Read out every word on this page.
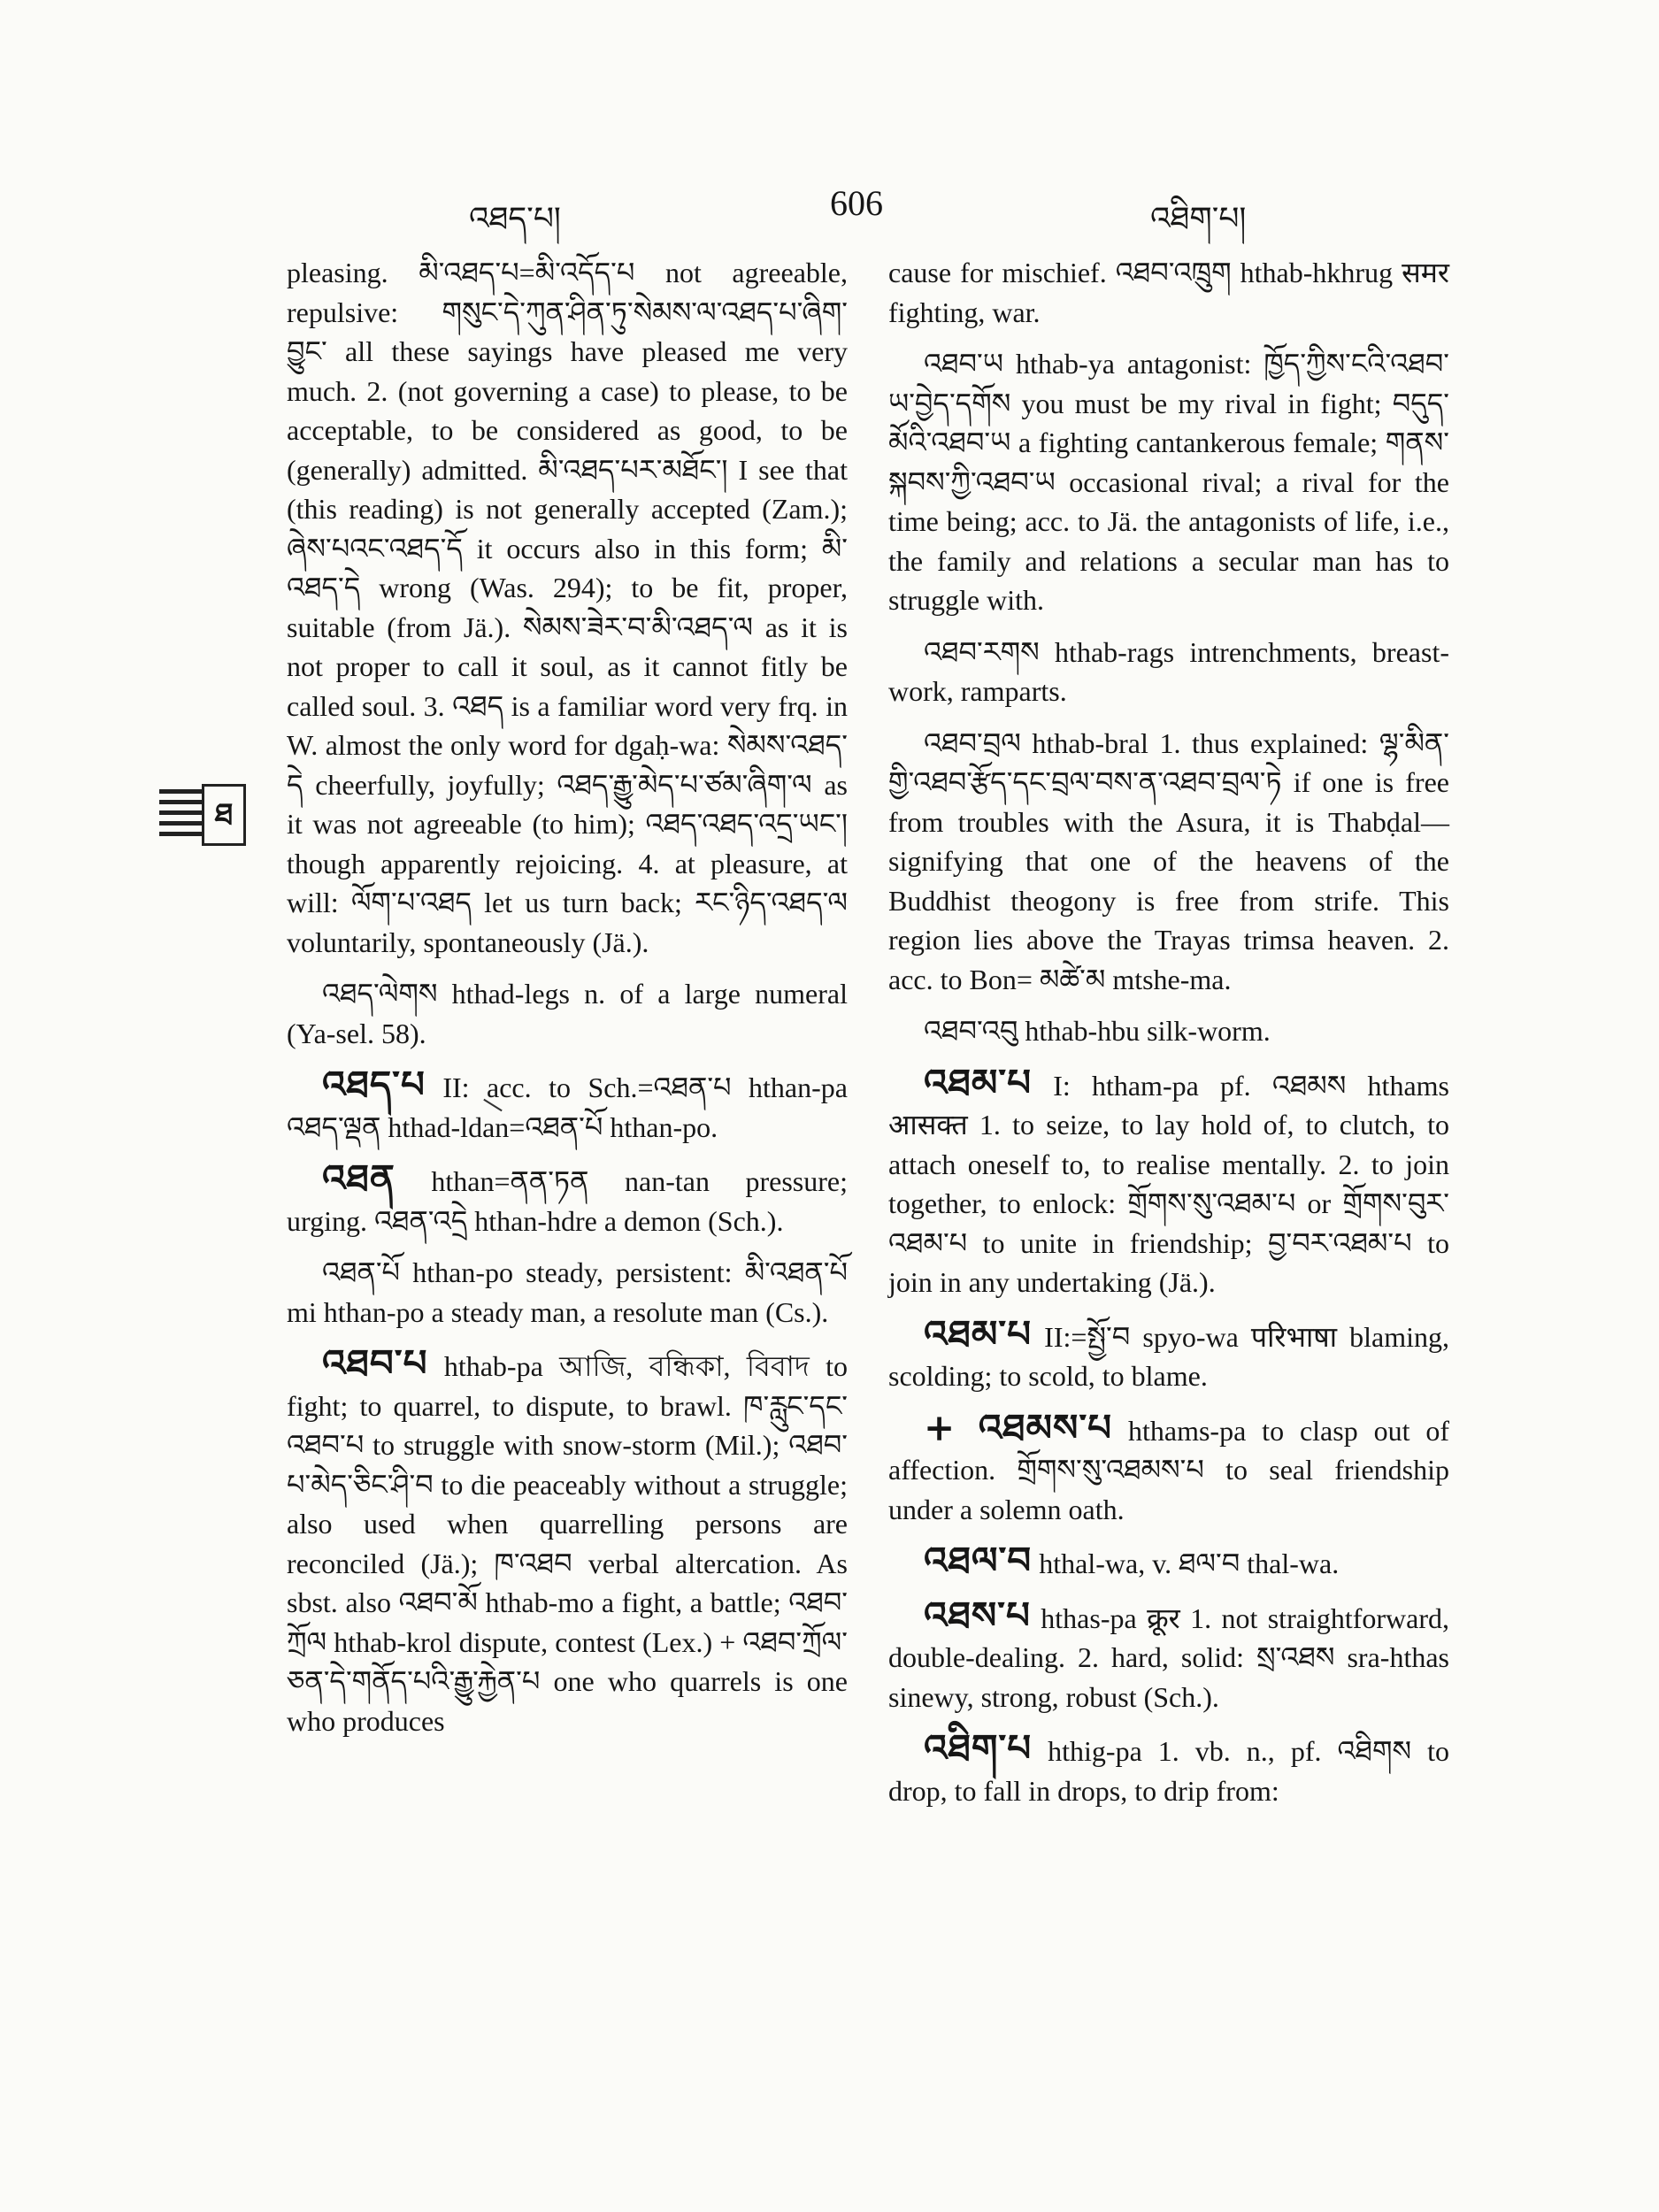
འཐད་པ།	606	འཐིག་པ།
ཐ

pleasing. མི་འཐད་པ=མི་འདོད་པ not agreeable, repulsive: གསུང་དེ་ཀུན་ཤིན་ཏུ་སེམས་ལ་འཐད་པ་ཞིག་བྱུང་ all these sayings have pleased me very much. 2. (not governing a case) to please, to be acceptable, to be considered as good, to be (generally) admitted. མི་འཐད་པར་མཐོང་། I see that (this reading) is not generally accepted (Zam.); ཞེས་པའང་འཐད་དོ it occurs also in this form; མི་འཐད་དེ wrong (Was. 294); to be fit, proper, suitable (from Jä.). སེམས་ཟེར་བ་མི་འཐད་ལ as it is not proper to call it soul, as it cannot fitly be called soul. 3. འཐད is a familiar word very frq. in W. almost the only word for dgaḥ-wa: སེམས་འཐད་དེ cheerfully, joyfully; འཐད་རྒྱུ་མེད་པ་ཙམ་ཞིག་ལ as it was not agreeable (to him); འཐད་འཐད་འདྲ་ཡང་། though apparently rejoicing. 4. at pleasure, at will: ལོག་པ་འཐད let us turn back; རང་ཉིད་འཐད་ལ voluntarily, spontaneously (Jä.).

འཐད་ལེགས hthad-legs n. of a large numeral (Ya-sel. 58).

འཐད་པ II: acc. to Sch.=འཐན་པ hthan-pa འཐད་ལྡན hthad-ldan=འཐན་པོ hthan-po.

འཐན hthan=ནན་ཏན nan-tan pressure; urging. འཐན་འདྲེ hthan-hdre a demon (Sch.).

འཐན་པོ hthan-po steady, persistent: མི་འཐན་པོ mi hthan-po a steady man, a resolute man (Cs.).

འཐབ་པ hthab-pa আজি, বন্ধিকা, বিবাদ to fight; to quarrel, to dispute, to brawl. ཁ་རླུང་དང་འཐབ་པ to struggle with snow-storm (Mil.); འཐབ་པ་མེད་ཅིང་ཤི་བ to die peaceably without a struggle; also used when quarrelling persons are reconciled (Jä.); ཁ་འཐབ verbal altercation. As sbst. also འཐབ་མོ hthab-mo a fight, a battle; འཐབ་ཀྲོལ hthab-krol dispute, contest (Lex.) + འཐབ་ཀྲོལ་ཅན་དེ་གནོད་པའི་རྒྱུ་རྐྱེན་པ one who quarrels is one who produces

cause for mischief. འཐབ་འཁྲུག hthab-hkhrug समर fighting, war.

འཐབ་ཡ hthab-ya antagonist: ཁྱོད་ཀྱིས་ངའི་འཐབ་ཡ་བྱེད་དགོས you must be my rival in fight; བདུད་མོའི་འཐབ་ཡ a fighting cantankerous female; གནས་སྐབས་ཀྱི་འཐབ་ཡ occasional rival; a rival for the time being; acc. to Jä. the antagonists of life, i.e., the family and relations a secular man has to struggle with.

འཐབ་རགས hthab-rags intrenchments, breast-work, ramparts.

འཐབ་བྲལ hthab-bral 1. thus explained: ལྷ་མིན་གྱི་འཐབ་རྩོད་དང་བྲལ་བས་ན་འཐབ་བྲལ་ཏེ if one is free from troubles with the Asura, it is Thabḍal—signifying that one of the heavens of the Buddhist theogony is free from strife. This region lies above the Trayas trimsa heaven. 2. acc. to Bon= མཚེ་མ mtshe-ma.

འཐབ་འབུ hthab-hbu silk-worm.

འཐམ་པ I: htham-pa pf. འཐམས hthams आसक्त 1. to seize, to lay hold of, to clutch, to attach oneself to, to realise mentally. 2. to join together, to enlock: གྲོགས་སུ་འཐམ་པ or གྲོགས་བུར་འཐམ་པ to unite in friendship; བྱ་བར་འཐམ་པ to join in any undertaking (Jä.).

འཐམ་པ II:=སྤྱོ་བ spyo-wa परिभाषा blaming, scolding; to scold, to blame.

+ འཐམས་པ hthams-pa to clasp out of affection. གྲོགས་སུ་འཐམས་པ to seal friendship under a solemn oath.

འཐལ་བ hthal-wa, v. ཐལ་བ thal-wa.

འཐས་པ hthas-pa क्रूर 1. not straightforward, double-dealing. 2. hard, solid: སྲ་འཐས sra-hthas sinewy, strong, robust (Sch.).

འཐིག་པ hthig-pa 1. vb. n., pf. འཐིགས to drop, to fall in drops, to drip from:
